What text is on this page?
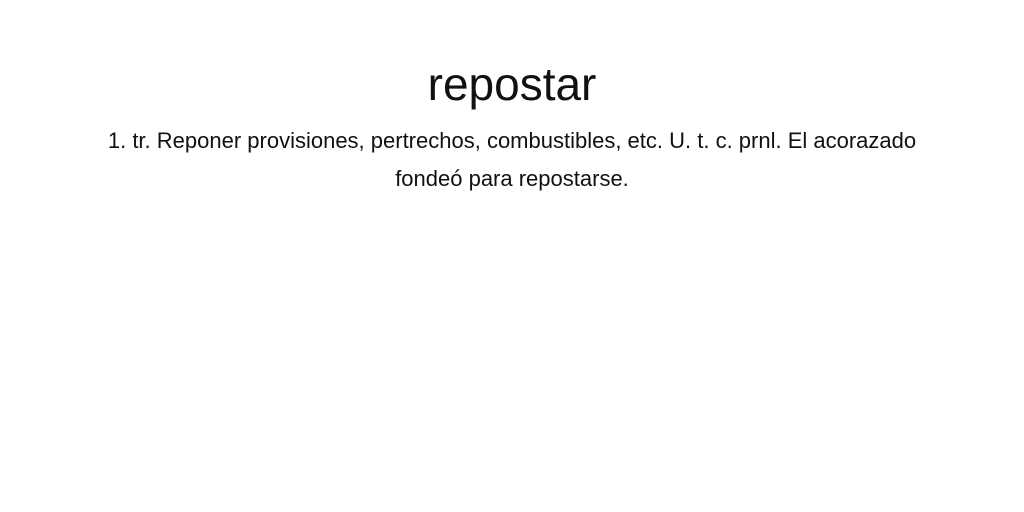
repostar

1. tr. Reponer provisiones, pertrechos, combustibles, etc. U. t. c. prnl. El acorazado fondeó para repostarse.
